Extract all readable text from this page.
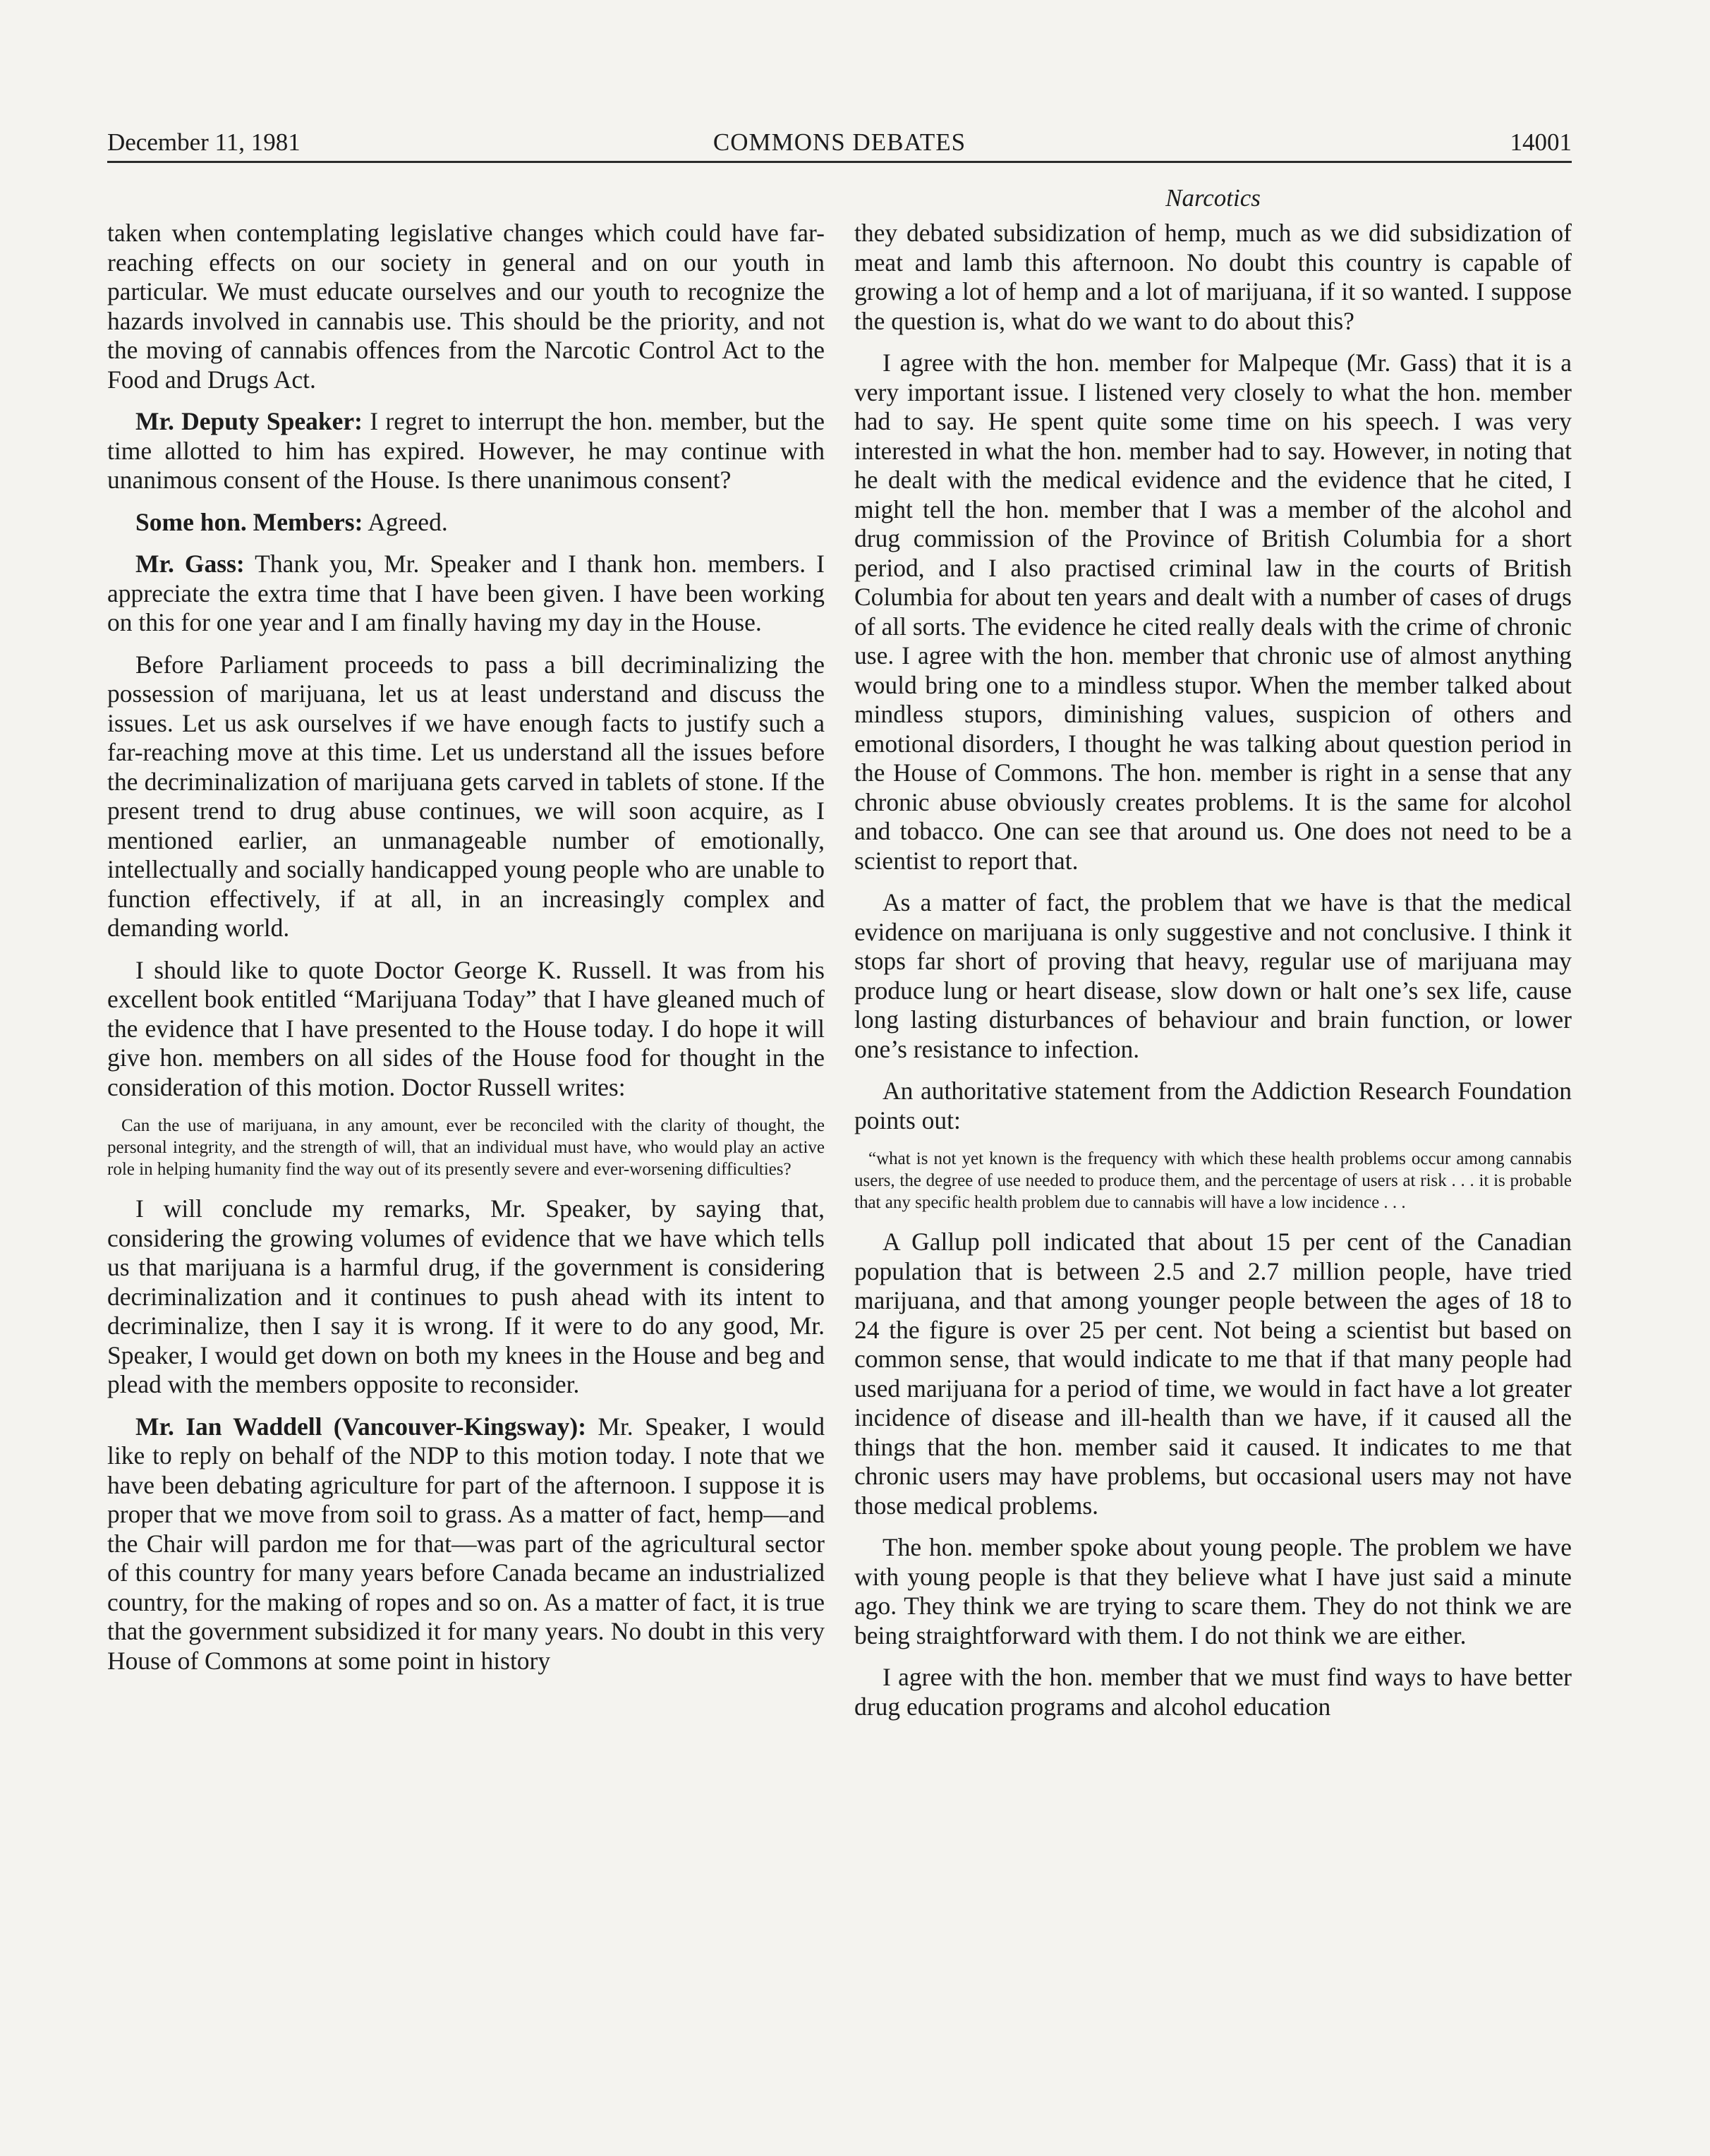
December 11, 1981	COMMONS DEBATES	14001

taken when contemplating legislative changes which could have far-reaching effects on our society in general and on our youth in particular. We must educate ourselves and our youth to recognize the hazards involved in cannabis use. This should be the priority, and not the moving of cannabis offences from the Narcotic Control Act to the Food and Drugs Act.

Mr. Deputy Speaker: I regret to interrupt the hon. member, but the time allotted to him has expired. However, he may continue with unanimous consent of the House. Is there unanimous consent?

Some hon. Members: Agreed.

Mr. Gass: Thank you, Mr. Speaker and I thank hon. members. I appreciate the extra time that I have been given. I have been working on this for one year and I am finally having my day in the House.

Before Parliament proceeds to pass a bill decriminalizing the possession of marijuana, let us at least understand and discuss the issues. Let us ask ourselves if we have enough facts to justify such a far-reaching move at this time. Let us understand all the issues before the decriminalization of marijuana gets carved in tablets of stone. If the present trend to drug abuse continues, we will soon acquire, as I mentioned earlier, an unmanageable number of emotionally, intellectually and socially handicapped young people who are unable to function effectively, if at all, in an increasingly complex and demanding world.

I should like to quote Doctor George K. Russell. It was from his excellent book entitled “Marijuana Today” that I have gleaned much of the evidence that I have presented to the House today. I do hope it will give hon. members on all sides of the House food for thought in the consideration of this motion. Doctor Russell writes:

Can the use of marijuana, in any amount, ever be reconciled with the clarity of thought, the personal integrity, and the strength of will, that an individual must have, who would play an active role in helping humanity find the way out of its presently severe and ever-worsening difficulties?

I will conclude my remarks, Mr. Speaker, by saying that, considering the growing volumes of evidence that we have which tells us that marijuana is a harmful drug, if the government is considering decriminalization and it continues to push ahead with its intent to decriminalize, then I say it is wrong. If it were to do any good, Mr. Speaker, I would get down on both my knees in the House and beg and plead with the members opposite to reconsider.

Mr. Ian Waddell (Vancouver-Kingsway): Mr. Speaker, I would like to reply on behalf of the NDP to this motion today. I note that we have been debating agriculture for part of the afternoon. I suppose it is proper that we move from soil to grass. As a matter of fact, hemp—and the Chair will pardon me for that—was part of the agricultural sector of this country for many years before Canada became an industrialized country, for the making of ropes and so on. As a matter of fact, it is true that the government subsidized it for many years. No doubt in this very House of Commons at some point in history

Narcotics

they debated subsidization of hemp, much as we did subsidization of meat and lamb this afternoon. No doubt this country is capable of growing a lot of hemp and a lot of marijuana, if it so wanted. I suppose the question is, what do we want to do about this?

I agree with the hon. member for Malpeque (Mr. Gass) that it is a very important issue. I listened very closely to what the hon. member had to say. He spent quite some time on his speech. I was very interested in what the hon. member had to say. However, in noting that he dealt with the medical evidence and the evidence that he cited, I might tell the hon. member that I was a member of the alcohol and drug commission of the Province of British Columbia for a short period, and I also practised criminal law in the courts of British Columbia for about ten years and dealt with a number of cases of drugs of all sorts. The evidence he cited really deals with the crime of chronic use. I agree with the hon. member that chronic use of almost anything would bring one to a mindless stupor. When the member talked about mindless stupors, diminishing values, suspicion of others and emotional disorders, I thought he was talking about question period in the House of Commons. The hon. member is right in a sense that any chronic abuse obviously creates problems. It is the same for alcohol and tobacco. One can see that around us. One does not need to be a scientist to report that.

As a matter of fact, the problem that we have is that the medical evidence on marijuana is only suggestive and not conclusive. I think it stops far short of proving that heavy, regular use of marijuana may produce lung or heart disease, slow down or halt one’s sex life, cause long lasting disturbances of behaviour and brain function, or lower one’s resistance to infection.

An authoritative statement from the Addiction Research Foundation points out:

“what is not yet known is the frequency with which these health problems occur among cannabis users, the degree of use needed to produce them, and the percentage of users at risk . . . it is probable that any specific health problem due to cannabis will have a low incidence . . .

A Gallup poll indicated that about 15 per cent of the Canadian population that is between 2.5 and 2.7 million people, have tried marijuana, and that among younger people between the ages of 18 to 24 the figure is over 25 per cent. Not being a scientist but based on common sense, that would indicate to me that if that many people had used marijuana for a period of time, we would in fact have a lot greater incidence of disease and ill-health than we have, if it caused all the things that the hon. member said it caused. It indicates to me that chronic users may have problems, but occasional users may not have those medical problems.

The hon. member spoke about young people. The problem we have with young people is that they believe what I have just said a minute ago. They think we are trying to scare them. They do not think we are being straightforward with them. I do not think we are either.

I agree with the hon. member that we must find ways to have better drug education programs and alcohol education
